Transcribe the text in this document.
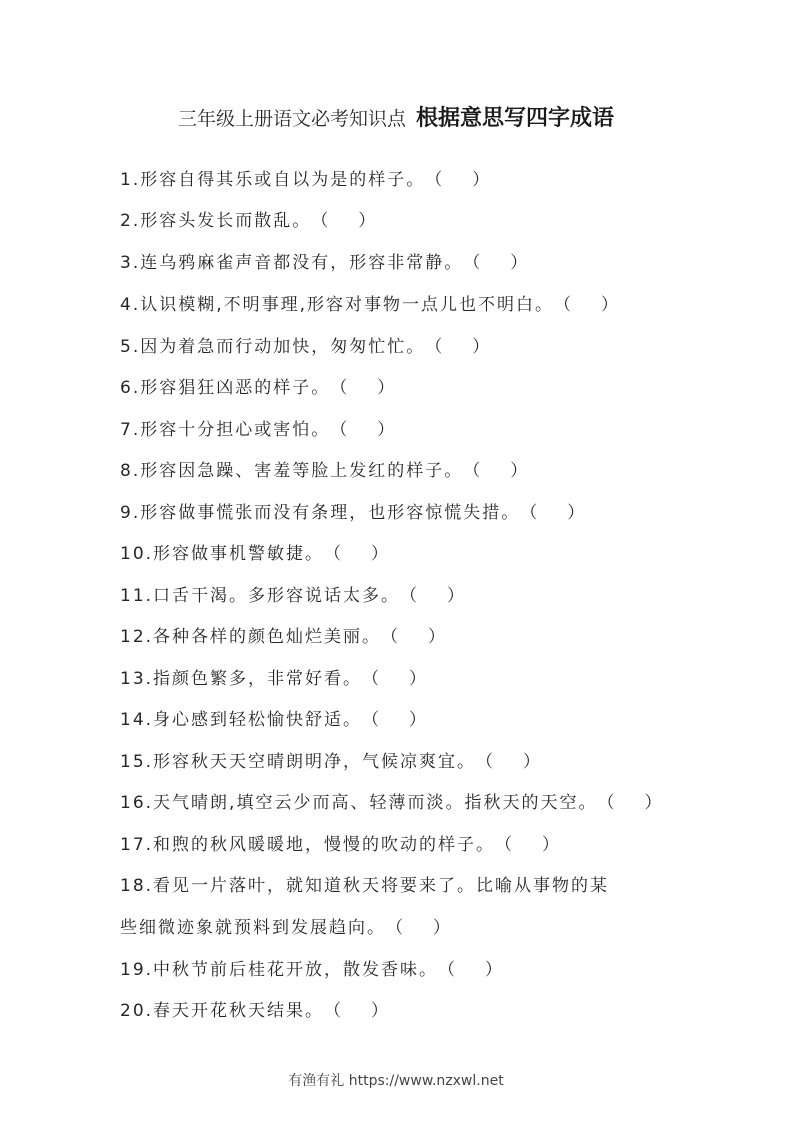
三年级上册语文必考知识点 根据意思写四字成语
1.形容自得其乐或自以为是的样子。 （ ）
2.形容头发长而散乱。 （ ）
3.连乌鸦麻雀声音都没有，形容非常静。 （ ）
4.认识模糊,不明事理,形容对事物一点儿也不明白。 （ ）
5.因为着急而行动加快，匆匆忙忙。 （ ）
6.形容猖狂凶恶的样子。 （ ）
7.形容十分担心或害怕。 （ ）
8.形容因急躁、害羞等脸上发红的样子。 （ ）
9.形容做事慌张而没有条理，也形容惊慌失措。 （ ）
10.形容做事机警敏捷。 （ ）
11.口舌干渴。多形容说话太多。 （ ）
12.各种各样的颜色灿烂美丽。 （ ）
13.指颜色繁多，非常好看。 （ ）
14.身心感到轻松愉快舒适。 （ ）
15.形容秋天天空晴朗明净，气候凉爽宜。 （ ）
16.天气晴朗,填空云少而高、轻薄而淡。指秋天的天空。 （ ）
17.和煦的秋风暖暖地，慢慢的吹动的样子。 （ ）
18.看见一片落叶，就知道秋天将要来了。比喻从事物的某
些细微迹象就预料到发展趋向。 （ ）
19.中秋节前后桂花开放，散发香味。 （ ）
20.春天开花秋天结果。 （ ）
有渔有礼 https://www.nzxwl.net
